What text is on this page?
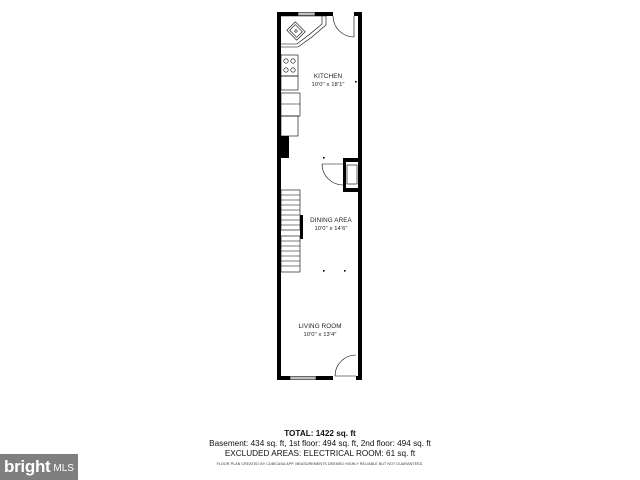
KITCHEN
10'0" x 18'1"
DINING AREA
10'0" x 14'6"
LIVING ROOM
10'0" x 13'4"
TOTAL: 1422 sq. ft
Basement: 434 sq. ft, 1st floor: 494 sq. ft, 2nd floor: 494 sq. ft
EXCLUDED AREAS: ELECTRICAL ROOM: 61 sq. ft
FLOOR PLAN CREATED BY CUBICASA APP. MEASUREMENTS DEEMED HIGHLY RELIABLE BUT NOT GUARANTEED.
bright MLS
